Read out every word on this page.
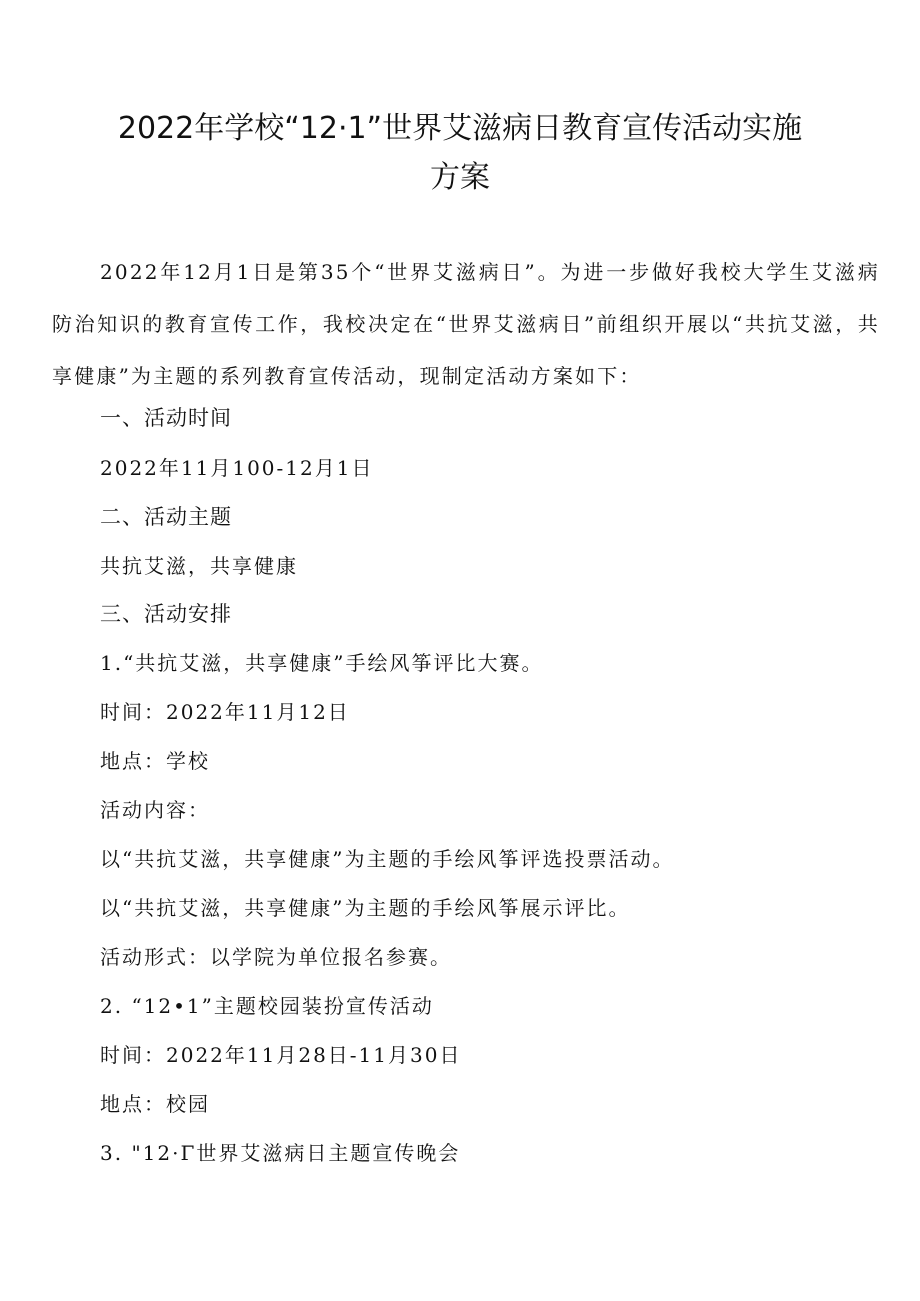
2022年学校“12·1”世界艾滋病日教育宣传活动实施
方案
2022年12月1日是第35个“世界艾滋病日”。为进一步做好我校大学生艾滋病防治知识的教育宣传工作，我校决定在“世界艾滋病日”前组织开展以“共抗艾滋，共享健康”为主题的系列教育宣传活动，现制定活动方案如下：
一、活动时间
2022年11月100-12月1日
二、活动主题
共抗艾滋，共享健康
三、活动安排
1.“共抗艾滋，共享健康”手绘风筝评比大赛。
时间：2022年11月12日
地点：学校
活动内容：
以“共抗艾滋，共享健康”为主题的手绘风筝评选投票活动。
以“共抗艾滋，共享健康”为主题的手绘风筝展示评比。
活动形式：以学院为单位报名参赛。
2. “12•1”主题校园装扮宣传活动
时间：2022年11月28日-11月30日
地点：校园
3. "12·Γ世界艾滋病日主题宣传晚会
